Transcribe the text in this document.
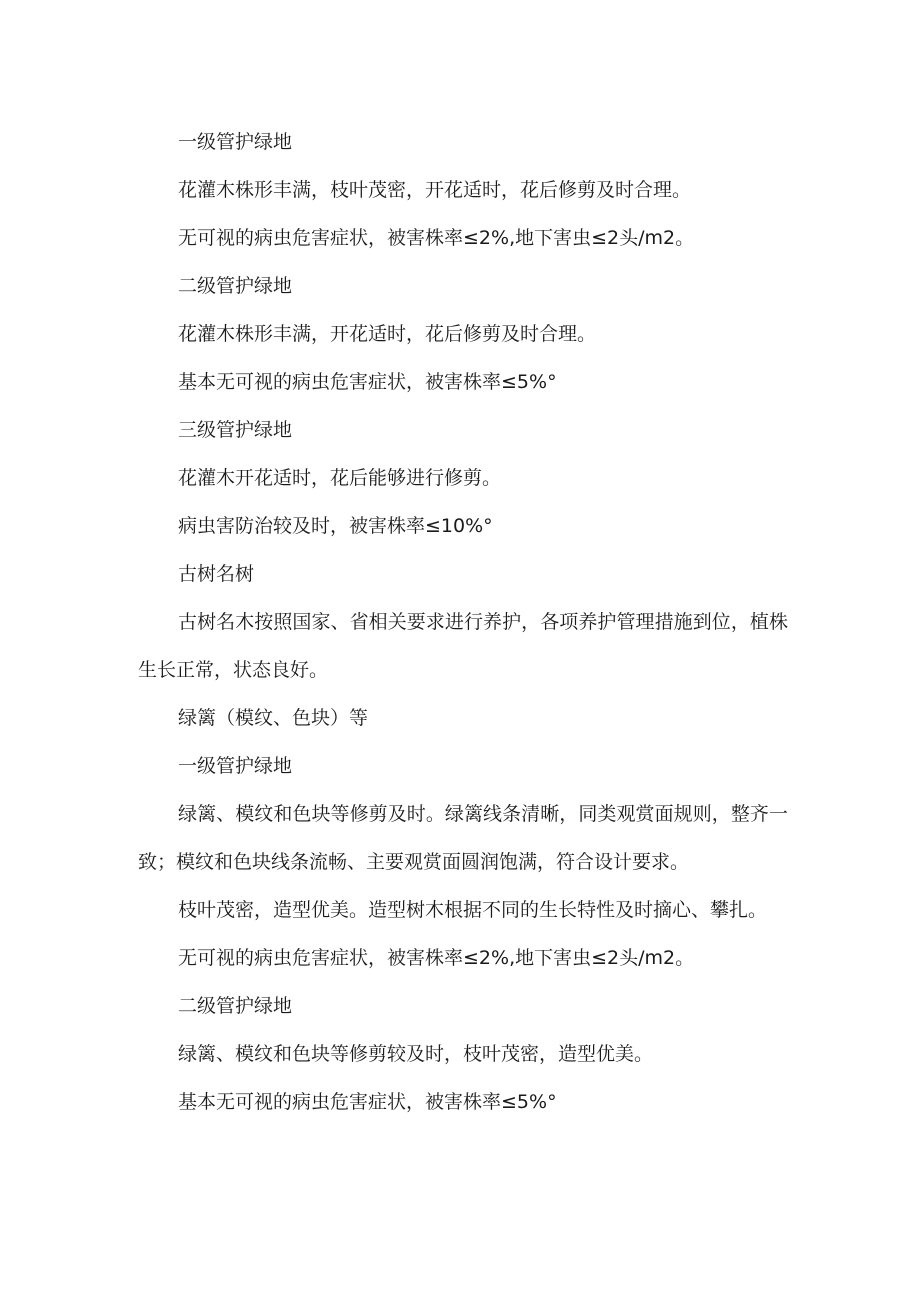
一级管护绿地

花灌木株形丰满，枝叶茂密，开花适时，花后修剪及时合理。

无可视的病虫危害症状，被害株率≤2%,地下害虫≤2头/m2。

二级管护绿地

花灌木株形丰满，开花适时，花后修剪及时合理。

基本无可视的病虫危害症状，被害株率≤5%°

三级管护绿地

花灌木开花适时，花后能够进行修剪。

病虫害防治较及时，被害株率≤10%°

古树名树

古树名木按照国家、省相关要求进行养护，各项养护管理措施到位，植株生长正常，状态良好。

绿篱（模纹、色块）等

一级管护绿地

绿篱、模纹和色块等修剪及时。绿篱线条清晰，同类观赏面规则，整齐一致；模纹和色块线条流畅、主要观赏面圆润饱满，符合设计要求。

枝叶茂密，造型优美。造型树木根据不同的生长特性及时摘心、攀扎。

无可视的病虫危害症状，被害株率≤2%,地下害虫≤2头/m2。

二级管护绿地

绿篱、模纹和色块等修剪较及时，枝叶茂密，造型优美。

基本无可视的病虫危害症状，被害株率≤5%°
